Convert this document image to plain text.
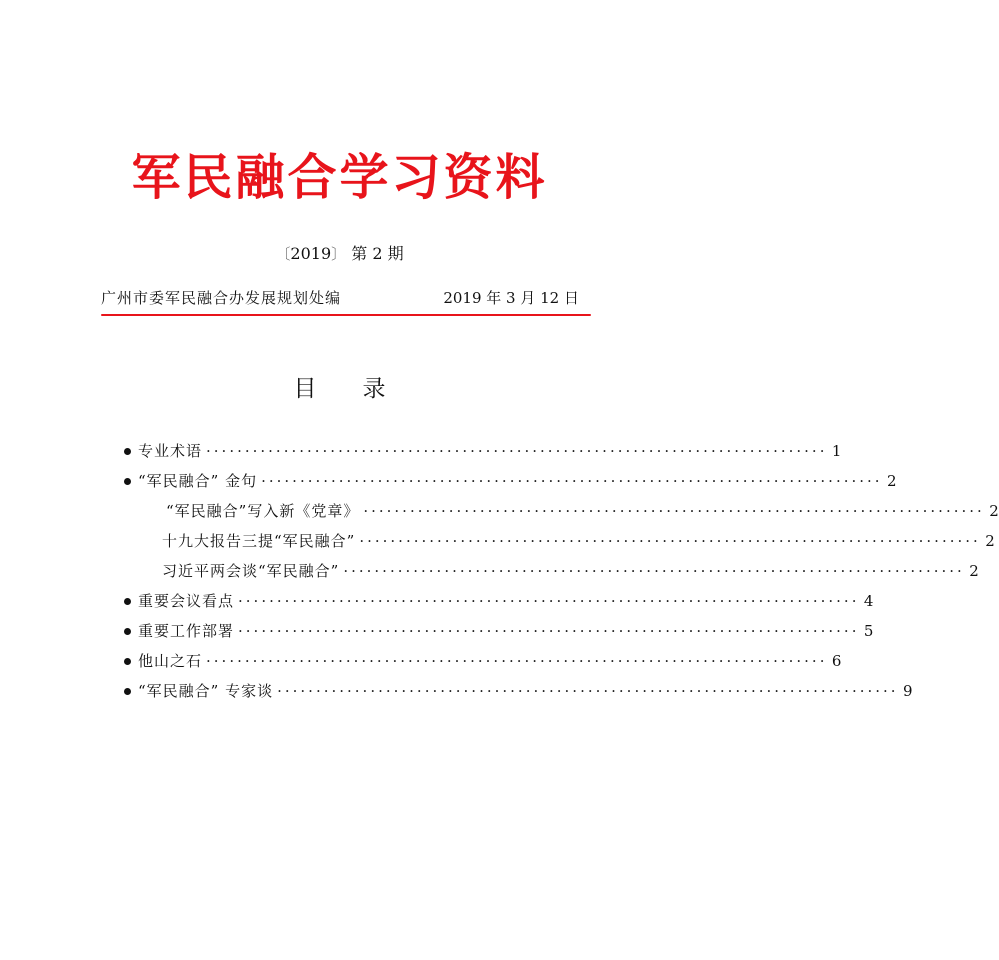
军民融合学习资料
〔2019〕 第 2 期
广州市委军民融合办发展规划处编	2019 年 3 月 12 日
目 录
专业术语 ················································································ 1
“军民融合” 金句 ················································································ 2
“军民融合”写入新《党章》 ················································································ 2
十九大报告三提“军民融合” ················································································ 2
习近平两会谈“军民融合” ················································································ 2
重要会议看点 ················································································ 4
重要工作部署 ················································································ 5
他山之石 ················································································ 6
“军民融合” 专家谈 ················································································ 9
